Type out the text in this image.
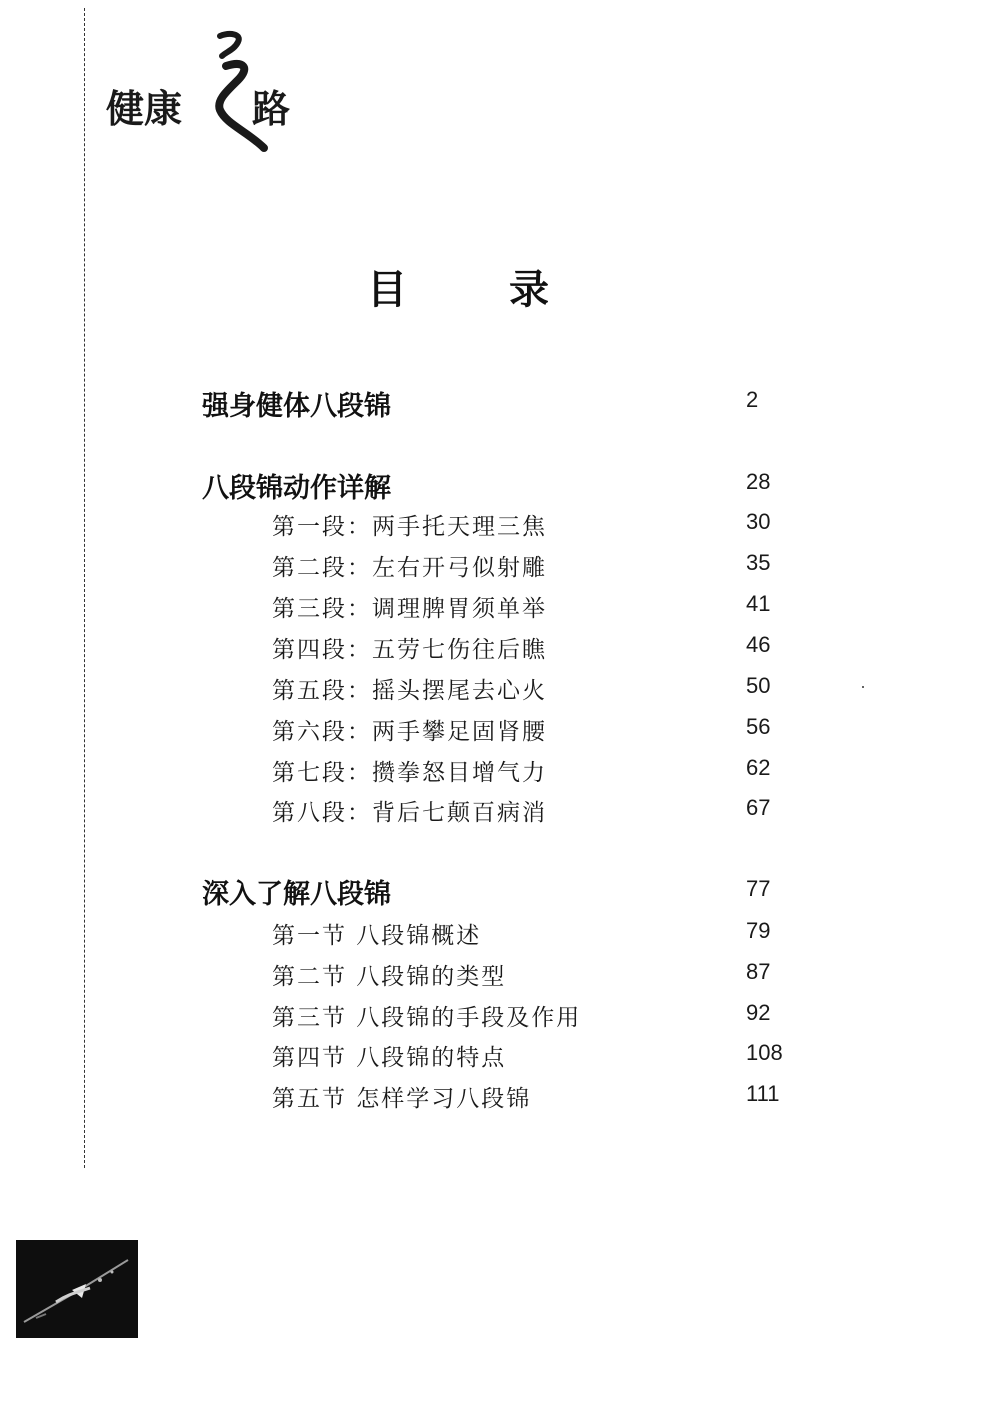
健康 路
目 录
强身健体八段锦	2
八段锦动作详解	28
第一段：两手托天理三焦	30
第二段：左右开弓似射雕	35
第三段：调理脾胃须单举	41
第四段：五劳七伤往后瞧	46
第五段：摇头摆尾去心火	50
第六段：两手攀足固肾腰	56
第七段：攒拳怒目增气力	62
第八段：背后七颠百病消	67
深入了解八段锦	77
第一节 八段锦概述	79
第二节 八段锦的类型	87
第三节 八段锦的手段及作用	92
第四节 八段锦的特点	108
第五节 怎样学习八段锦	111
